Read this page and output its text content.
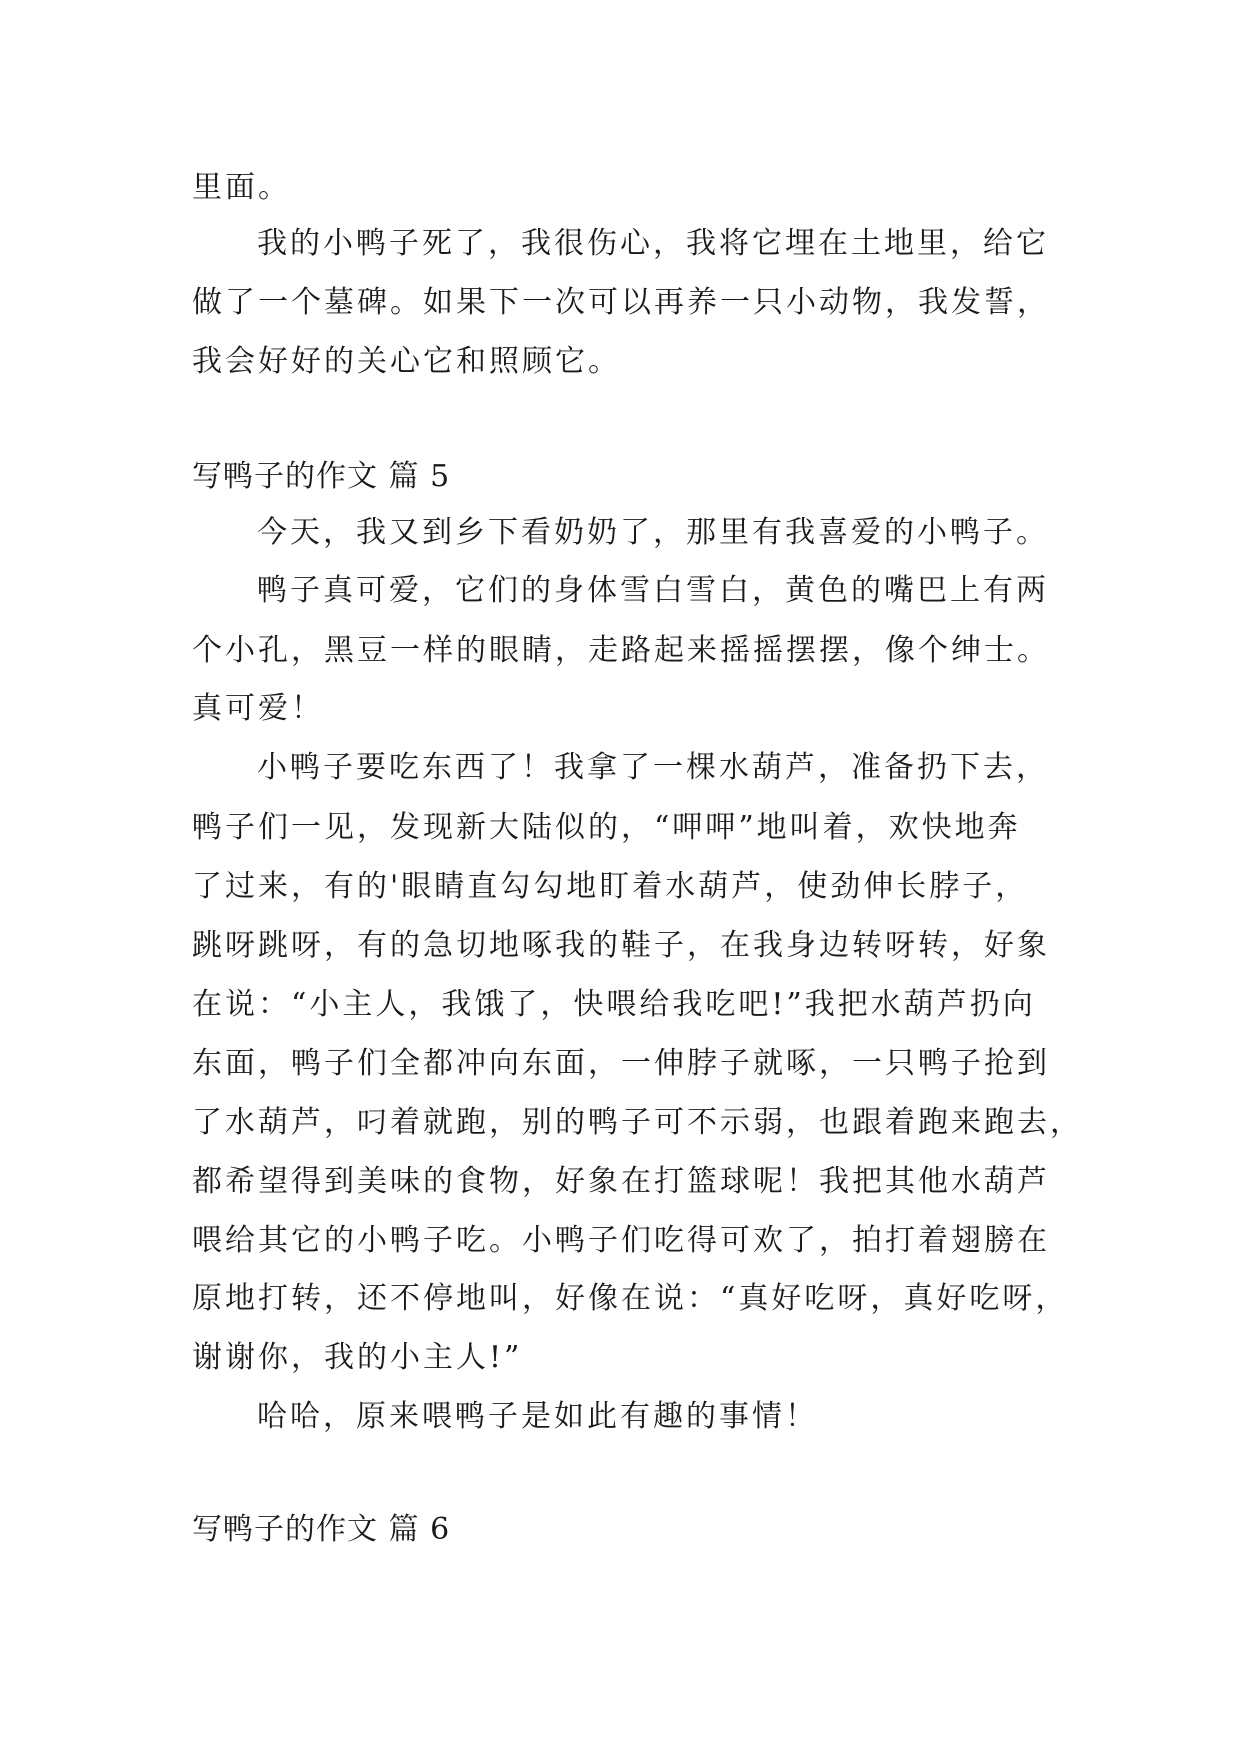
里面。
我的小鸭子死了，我很伤心，我将它埋在土地里，给它
做了一个墓碑。如果下一次可以再养一只小动物，我发誓，
我会好好的关心它和照顾它。
写鸭子的作文 篇 5
今天，我又到乡下看奶奶了，那里有我喜爱的小鸭子。
鸭子真可爱，它们的身体雪白雪白，黄色的嘴巴上有两
个小孔，黑豆一样的眼睛，走路起来摇摇摆摆，像个绅士。
真可爱！
小鸭子要吃东西了！我拿了一棵水葫芦，准备扔下去，
鸭子们一见，发现新大陆似的，“呷呷”地叫着，欢快地奔
了过来，有的'眼睛直勾勾地盯着水葫芦，使劲伸长脖子，
跳呀跳呀，有的急切地啄我的鞋子，在我身边转呀转，好象
在说：“小主人，我饿了，快喂给我吃吧!”我把水葫芦扔向
东面，鸭子们全都冲向东面，一伸脖子就啄，一只鸭子抢到
了水葫芦，叼着就跑，别的鸭子可不示弱，也跟着跑来跑去，
都希望得到美味的食物，好象在打篮球呢！我把其他水葫芦
喂给其它的小鸭子吃。小鸭子们吃得可欢了，拍打着翅膀在
原地打转，还不停地叫，好像在说：“真好吃呀，真好吃呀，
谢谢你，我的小主人!”
哈哈，原来喂鸭子是如此有趣的事情！
写鸭子的作文 篇 6
